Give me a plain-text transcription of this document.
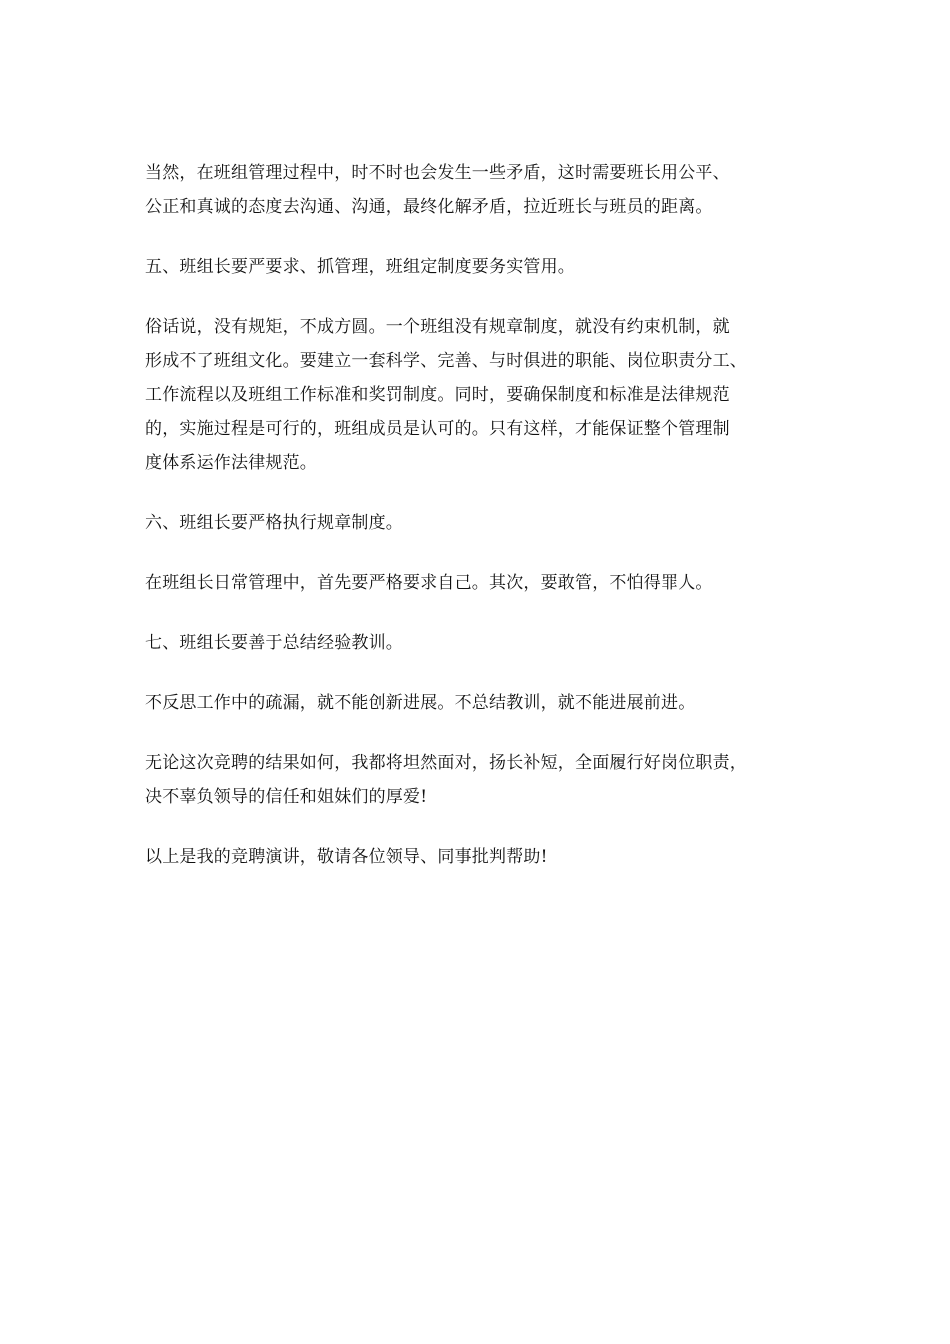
当然，在班组管理过程中，时不时也会发生一些矛盾，这时需要班长用公平、
公正和真诚的态度去沟通、沟通，最终化解矛盾，拉近班长与班员的距离。

五、班组长要严要求、抓管理，班组定制度要务实管用。

俗话说，没有规矩，不成方圆。一个班组没有规章制度，就没有约束机制，就
形成不了班组文化。要建立一套科学、完善、与时俱进的职能、岗位职责分工、
工作流程以及班组工作标准和奖罚制度。同时，要确保制度和标准是法律规范
的，实施过程是可行的，班组成员是认可的。只有这样，才能保证整个管理制
度体系运作法律规范。

六、班组长要严格执行规章制度。

在班组长日常管理中，首先要严格要求自己。其次，要敢管，不怕得罪人。

七、班组长要善于总结经验教训。

不反思工作中的疏漏，就不能创新进展。不总结教训，就不能进展前进。

无论这次竞聘的结果如何，我都将坦然面对，扬长补短，全面履行好岗位职责，
决不辜负领导的信任和姐妹们的厚爱!

以上是我的竞聘演讲，敬请各位领导、同事批判帮助!
